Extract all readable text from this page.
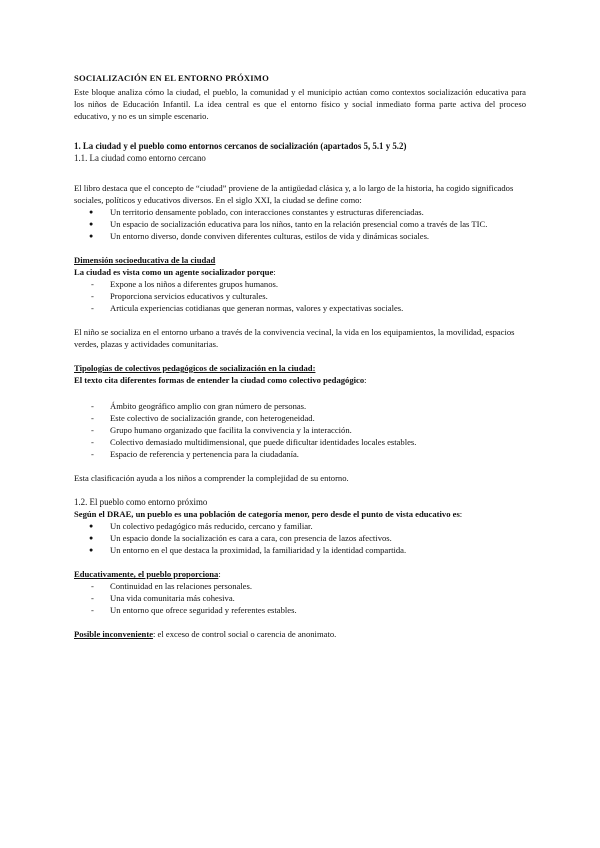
SOCIALIZACIÓN EN EL ENTORNO PRÓXIMO

Este bloque analiza cómo la ciudad, el pueblo, la comunidad y el municipio actúan como contextos socialización educativa para los niños de Educación Infantil. La idea central es que el entorno físico y social inmediato forma parte activa del proceso educativo, y no es un simple escenario.

1. La ciudad y el pueblo como entornos cercanos de socialización (apartados 5, 5.1 y 5.2)

1.1. La ciudad como entorno cercano

El libro destaca que el concepto de “ciudad” proviene de la antigüedad clásica y, a lo largo de la historia, ha cogido significados sociales, políticos y educativos diversos. En el siglo XXI, la ciudad se define como:

● Un territorio densamente poblado, con interacciones constantes y estructuras diferenciadas.
● Un espacio de socialización educativa para los niños, tanto en la relación presencial como a través de las TIC.
● Un entorno diverso, donde conviven diferentes culturas, estilos de vida y dinámicas sociales.

Dimensión socioeducativa de la ciudad

La ciudad es vista como un agente socializador porque:

- Expone a los niños a diferentes grupos humanos.
- Proporciona servicios educativos y culturales.
- Articula experiencias cotidianas que generan normas, valores y expectativas sociales.

El niño se socializa en el entorno urbano a través de la convivencia vecinal, la vida en los equipamientos, la movilidad, espacios verdes, plazas y actividades comunitarias.

Tipologías de colectivos pedagógicos de socialización en la ciudad:

El texto cita diferentes formas de entender la ciudad como colectivo pedagógico:

- Ámbito geográfico amplio con gran número de personas.
- Este colectivo de socialización grande, con heterogeneidad.
- Grupo humano organizado que facilita la convivencia y la interacción.
- Colectivo demasiado multidimensional, que puede dificultar identidades locales estables.
- Espacio de referencia y pertenencia para la ciudadanía.

Esta clasificación ayuda a los niños a comprender la complejidad de su entorno.

1.2. El pueblo como entorno próximo

Según el DRAE, un pueblo es una población de categoría menor, pero desde el punto de vista educativo es:

● Un colectivo pedagógico más reducido, cercano y familiar.
● Un espacio donde la socialización es cara a cara, con presencia de lazos afectivos.
● Un entorno en el que destaca la proximidad, la familiaridad y la identidad compartida.

Educativamente, el pueblo proporciona:

- Continuidad en las relaciones personales.
- Una vida comunitaria más cohesiva.
- Un entorno que ofrece seguridad y referentes estables.

Posible inconveniente: el exceso de control social o carencia de anonimato.
